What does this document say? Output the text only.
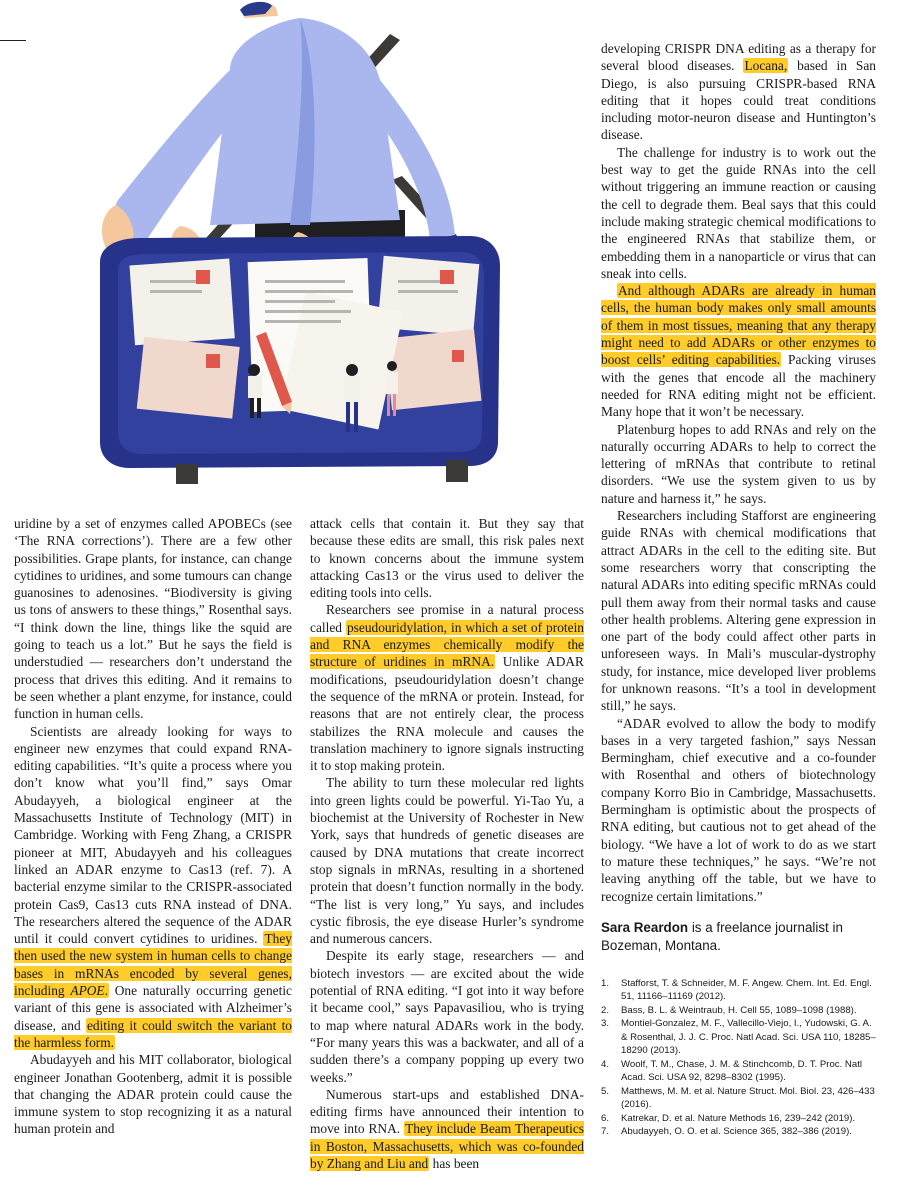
uridine by a set of enzymes called APOBECs (see ‘The RNA corrections’). There are a few other possibilities. Grape plants, for instance, can change cytidines to uridines, and some tumours can change guanosines to adenosines. “Biodiversity is giving us tons of answers to these things,” Rosenthal says. “I think down the line, things like the squid are going to teach us a lot.” But he says the field is understudied — researchers don’t understand the process that drives this editing. And it remains to be seen whether a plant enzyme, for instance, could function in human cells.

Scientists are already looking for ways to engineer new enzymes that could expand RNA-editing capabilities. “It’s quite a process where you don’t know what you’ll find,” says Omar Abudayyeh, a biological engineer at the Massachusetts Institute of Technology (MIT) in Cambridge. Working with Feng Zhang, a CRISPR pioneer at MIT, Abudayyeh and his colleagues linked an ADAR enzyme to Cas13 (ref. 7). A bacterial enzyme similar to the CRISPR-associated protein Cas9, Cas13 cuts RNA instead of DNA. The researchers altered the sequence of the ADAR until it could convert cytidines to uridines. They then used the new system in human cells to change bases in mRNAs encoded by several genes, including APOE. One naturally occurring genetic variant of this gene is associated with Alzheimer’s disease, and editing it could switch the variant to the harmless form.

Abudayyeh and his MIT collaborator, biological engineer Jonathan Gootenberg, admit it is possible that changing the ADAR protein could cause the immune system to stop recognizing it as a natural human protein and

attack cells that contain it. But they say that because these edits are small, this risk pales next to known concerns about the immune system attacking Cas13 or the virus used to deliver the editing tools into cells.

Researchers see promise in a natural process called pseudouridylation, in which a set of protein and RNA enzymes chemically modify the structure of uridines in mRNA. Unlike ADAR modifications, pseudouridylation doesn’t change the sequence of the mRNA or protein. Instead, for reasons that are not entirely clear, the process stabilizes the RNA molecule and causes the translation machinery to ignore signals instructing it to stop making protein.

The ability to turn these molecular red lights into green lights could be powerful. Yi-Tao Yu, a biochemist at the University of Rochester in New York, says that hundreds of genetic diseases are caused by DNA mutations that create incorrect stop signals in mRNAs, resulting in a shortened protein that doesn’t function normally in the body. “The list is very long,” Yu says, and includes cystic fibrosis, the eye disease Hurler’s syndrome and numerous cancers.

Despite its early stage, researchers — and biotech investors — are excited about the wide potential of RNA editing. “I got into it way before it became cool,” says Papavasiliou, who is trying to map where natural ADARs work in the body. “For many years this was a backwater, and all of a sudden there’s a company popping up every two weeks.”

Numerous start-ups and established DNA-editing firms have announced their intention to move into RNA. They include Beam Therapeutics in Boston, Massachusetts, which was co-founded by Zhang and Liu and has been

developing CRISPR DNA editing as a therapy for several blood diseases. Locana, based in San Diego, is also pursuing CRISPR-based RNA editing that it hopes could treat conditions including motor-neuron disease and Huntington’s disease.

The challenge for industry is to work out the best way to get the guide RNAs into the cell without triggering an immune reaction or causing the cell to degrade them. Beal says that this could include making strategic chemical modifications to the engineered RNAs that stabilize them, or embedding them in a nanoparticle or virus that can sneak into cells.

And although ADARs are already in human cells, the human body makes only small amounts of them in most tissues, meaning that any therapy might need to add ADARs or other enzymes to boost cells’ editing capabilities. Packing viruses with the genes that encode all the machinery needed for RNA editing might not be efficient. Many hope that it won’t be necessary.

Platenburg hopes to add RNAs and rely on the naturally occurring ADARs to help to correct the lettering of mRNAs that contribute to retinal disorders. “We use the system given to us by nature and harness it,” he says.

Researchers including Stafforst are engineering guide RNAs with chemical modifications that attract ADARs in the cell to the editing site. But some researchers worry that conscripting the natural ADARs into editing specific mRNAs could pull them away from their normal tasks and cause other health problems. Altering gene expression in one part of the body could affect other parts in unforeseen ways. In Mali’s muscular-dystrophy study, for instance, mice developed liver problems for unknown reasons. “It’s a tool in development still,” he says.

“ADAR evolved to allow the body to modify bases in a very targeted fashion,” says Nessan Bermingham, chief executive and a co-founder with Rosenthal and others of biotechnology company Korro Bio in Cambridge, Massachusetts. Bermingham is optimistic about the prospects of RNA editing, but cautious not to get ahead of the biology. “We have a lot of work to do as we start to mature these techniques,” he says. “We’re not leaving anything off the table, but we have to recognize certain limitations.”

Sara Reardon is a freelance journalist in Bozeman, Montana.

1.	Stafforst, T. & Schneider, M. F. Angew. Chem. Int. Ed. Engl. 51, 11166–11169 (2012).
2.	Bass, B. L. & Weintraub, H. Cell 55, 1089–1098 (1988).
3.	Montiel-Gonzalez, M. F., Vallecillo-Viejo, I., Yudowski, G. A. & Rosenthal, J. J. C. Proc. Natl Acad. Sci. USA 110, 18285–18290 (2013).
4.	Woolf, T. M., Chase, J. M. & Stinchcomb, D. T. Proc. Natl Acad. Sci. USA 92, 8298–8302 (1995).
5.	Matthews, M. M. et al. Nature Struct. Mol. Biol. 23, 426–433 (2016).
6.	Katrekar, D. et al. Nature Methods 16, 239–242 (2019).
7.	Abudayyeh, O. O. et al. Science 365, 382–386 (2019).
